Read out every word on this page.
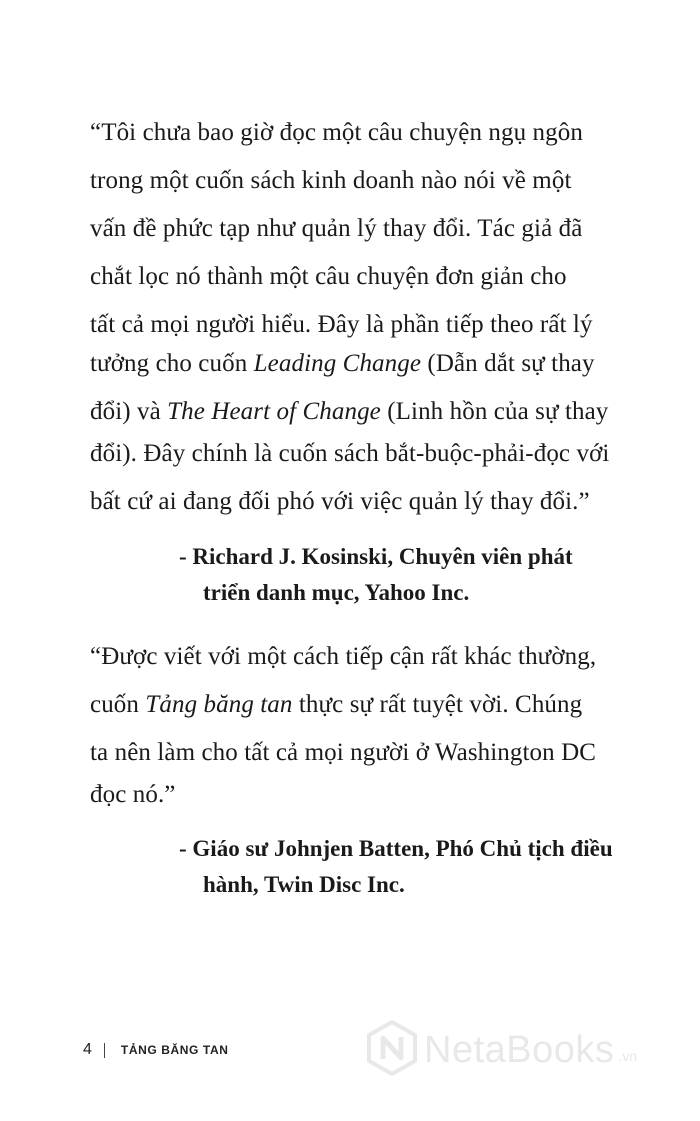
“Tôi chưa bao giờ đọc một câu chuyện ngụ ngôn
trong một cuốn sách kinh doanh nào nói về một
vấn đề phức tạp như quản lý thay đổi. Tác giả đã
chắt lọc nó thành một câu chuyện đơn giản cho
tất cả mọi người hiểu. Đây là phần tiếp theo rất lý
tưởng cho cuốn Leading Change (Dẫn dắt sự thay
đổi) và The Heart of Change (Linh hồn của sự thay
đổi). Đây chính là cuốn sách bắt-buộc-phải-đọc với
bất cứ ai đang đối phó với việc quản lý thay đổi.”
- Richard J. Kosinski, Chuyên viên phát
triển danh mục, Yahoo Inc.
“Được viết với một cách tiếp cận rất khác thường,
cuốn Tảng băng tan thực sự rất tuyệt vời. Chúng
ta nên làm cho tất cả mọi người ở Washington DC
đọc nó.”
- Giáo sư Johnjen Batten, Phó Chủ tịch điều
hành, Twin Disc Inc.
4 TẢNG BĂNG TAN	NetaBooks .vn
